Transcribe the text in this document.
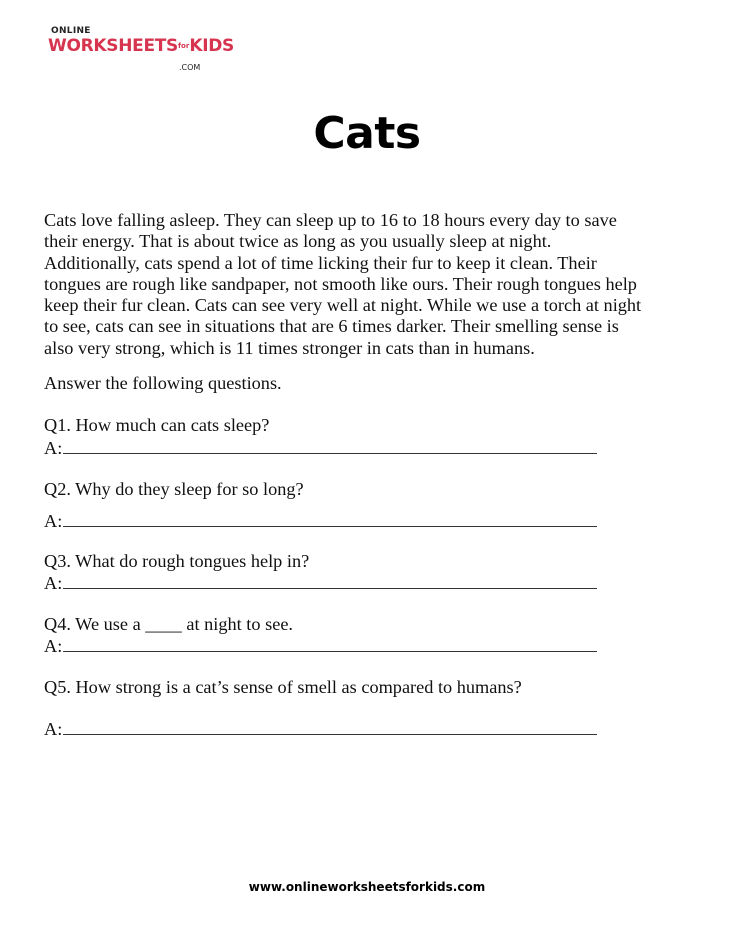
ONLINE
WORKSHEETSforKIDS
.COM
Cats
Cats love falling asleep. They can sleep up to 16 to 18 hours every day to save
their energy. That is about twice as long as you usually sleep at night.
Additionally, cats spend a lot of time licking their fur to keep it clean. Their
tongues are rough like sandpaper, not smooth like ours. Their rough tongues help
keep their fur clean. Cats can see very well at night. While we use a torch at night
to see, cats can see in situations that are 6 times darker. Their smelling sense is
also very strong, which is 11 times stronger in cats than in humans.
Answer the following questions.
Q1. How much can cats sleep?
A:
Q2. Why do they sleep for so long?
A:
Q3. What do rough tongues help in?
A:
Q4. We use a ____ at night to see.
A:
Q5. How strong is a cat’s sense of smell as compared to humans?
A:
www.onlineworksheetsforkids.com
